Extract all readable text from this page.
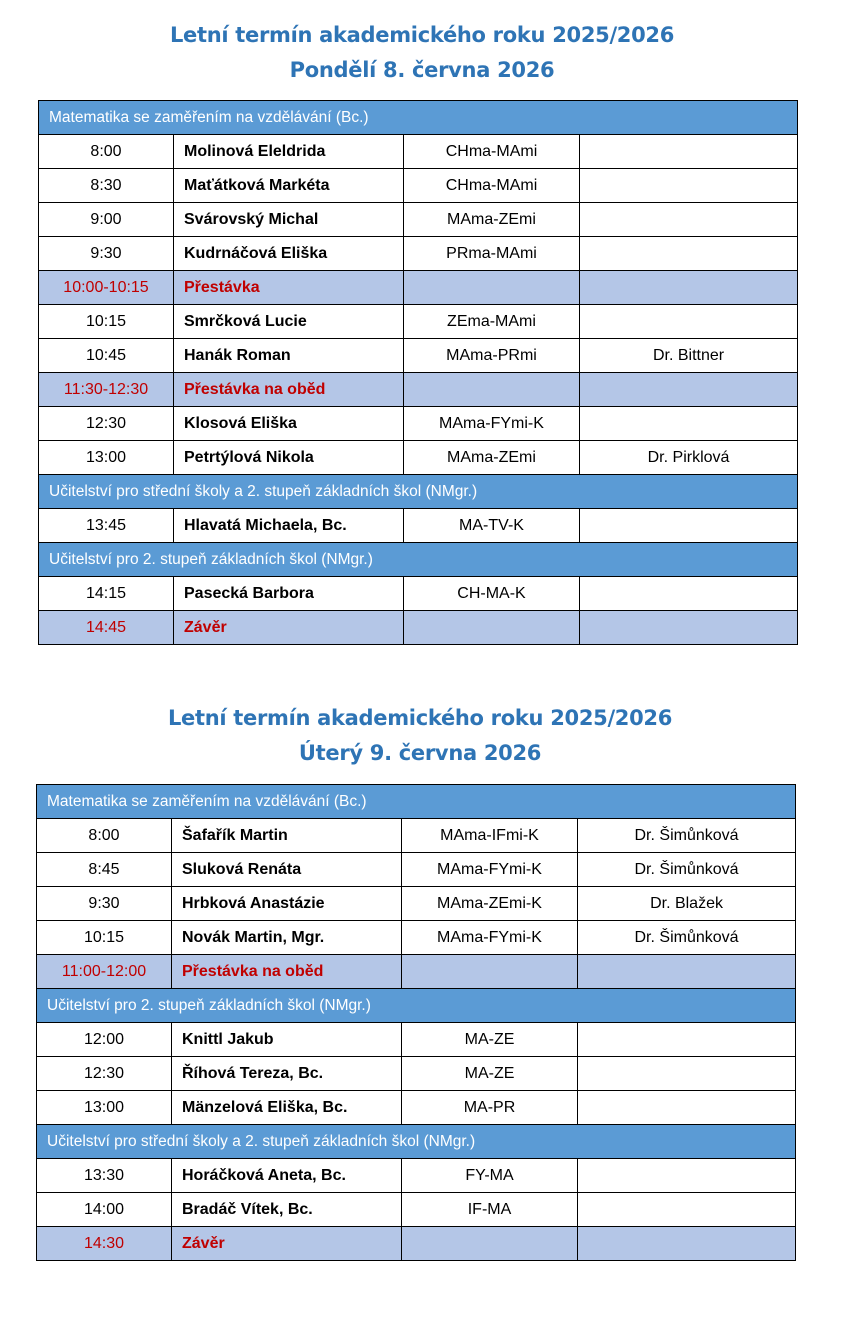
Letní termín akademického roku 2025/2026
Pondělí 8. června 2026
Matematika se zaměřením na vzdělávání (Bc.)			
8:00	Molinová Eleldrida	CHma-MAmi	
8:30	Maťátková Markéta	CHma-MAmi	
9:00	Svárovský Michal	MAma-ZEmi	
9:30	Kudrnáčová Eliška	PRma-MAmi	
10:00-10:15	Přestávka		
10:15	Smrčková Lucie	ZEma-MAmi	
10:45	Hanák Roman	MAma-PRmi	Dr. Bittner
11:30-12:30	Přestávka na oběd		
12:30	Klosová Eliška	MAma-FYmi-K	
13:00	Petrtýlová Nikola	MAma-ZEmi	Dr. Pirklová
Učitelství pro střední školy a 2. stupeň základních škol (NMgr.)			
13:45	Hlavatá Michaela, Bc.	MA-TV-K	
Učitelství pro 2. stupeň základních škol (NMgr.)			
14:15	Pasecká Barbora	CH-MA-K	
14:45	Závěr		
Letní termín akademického roku 2025/2026
Úterý 9. června 2026
Matematika se zaměřením na vzdělávání (Bc.)			
8:00	Šafařík Martin	MAma-IFmi-K	Dr. Šimůnková
8:45	Sluková Renáta	MAma-FYmi-K	Dr. Šimůnková
9:30	Hrbková Anastázie	MAma-ZEmi-K	Dr. Blažek
10:15	Novák Martin, Mgr.	MAma-FYmi-K	Dr. Šimůnková
11:00-12:00	Přestávka na oběd		
Učitelství pro 2. stupeň základních škol (NMgr.)			
12:00	Knittl Jakub	MA-ZE	
12:30	Říhová Tereza, Bc.	MA-ZE	
13:00	Mänzelová Eliška, Bc.	MA-PR	
Učitelství pro střední školy a 2. stupeň základních škol (NMgr.)			
13:30	Horáčková Aneta, Bc.	FY-MA	
14:00	Bradáč Vítek, Bc.	IF-MA	
14:30	Závěr		
